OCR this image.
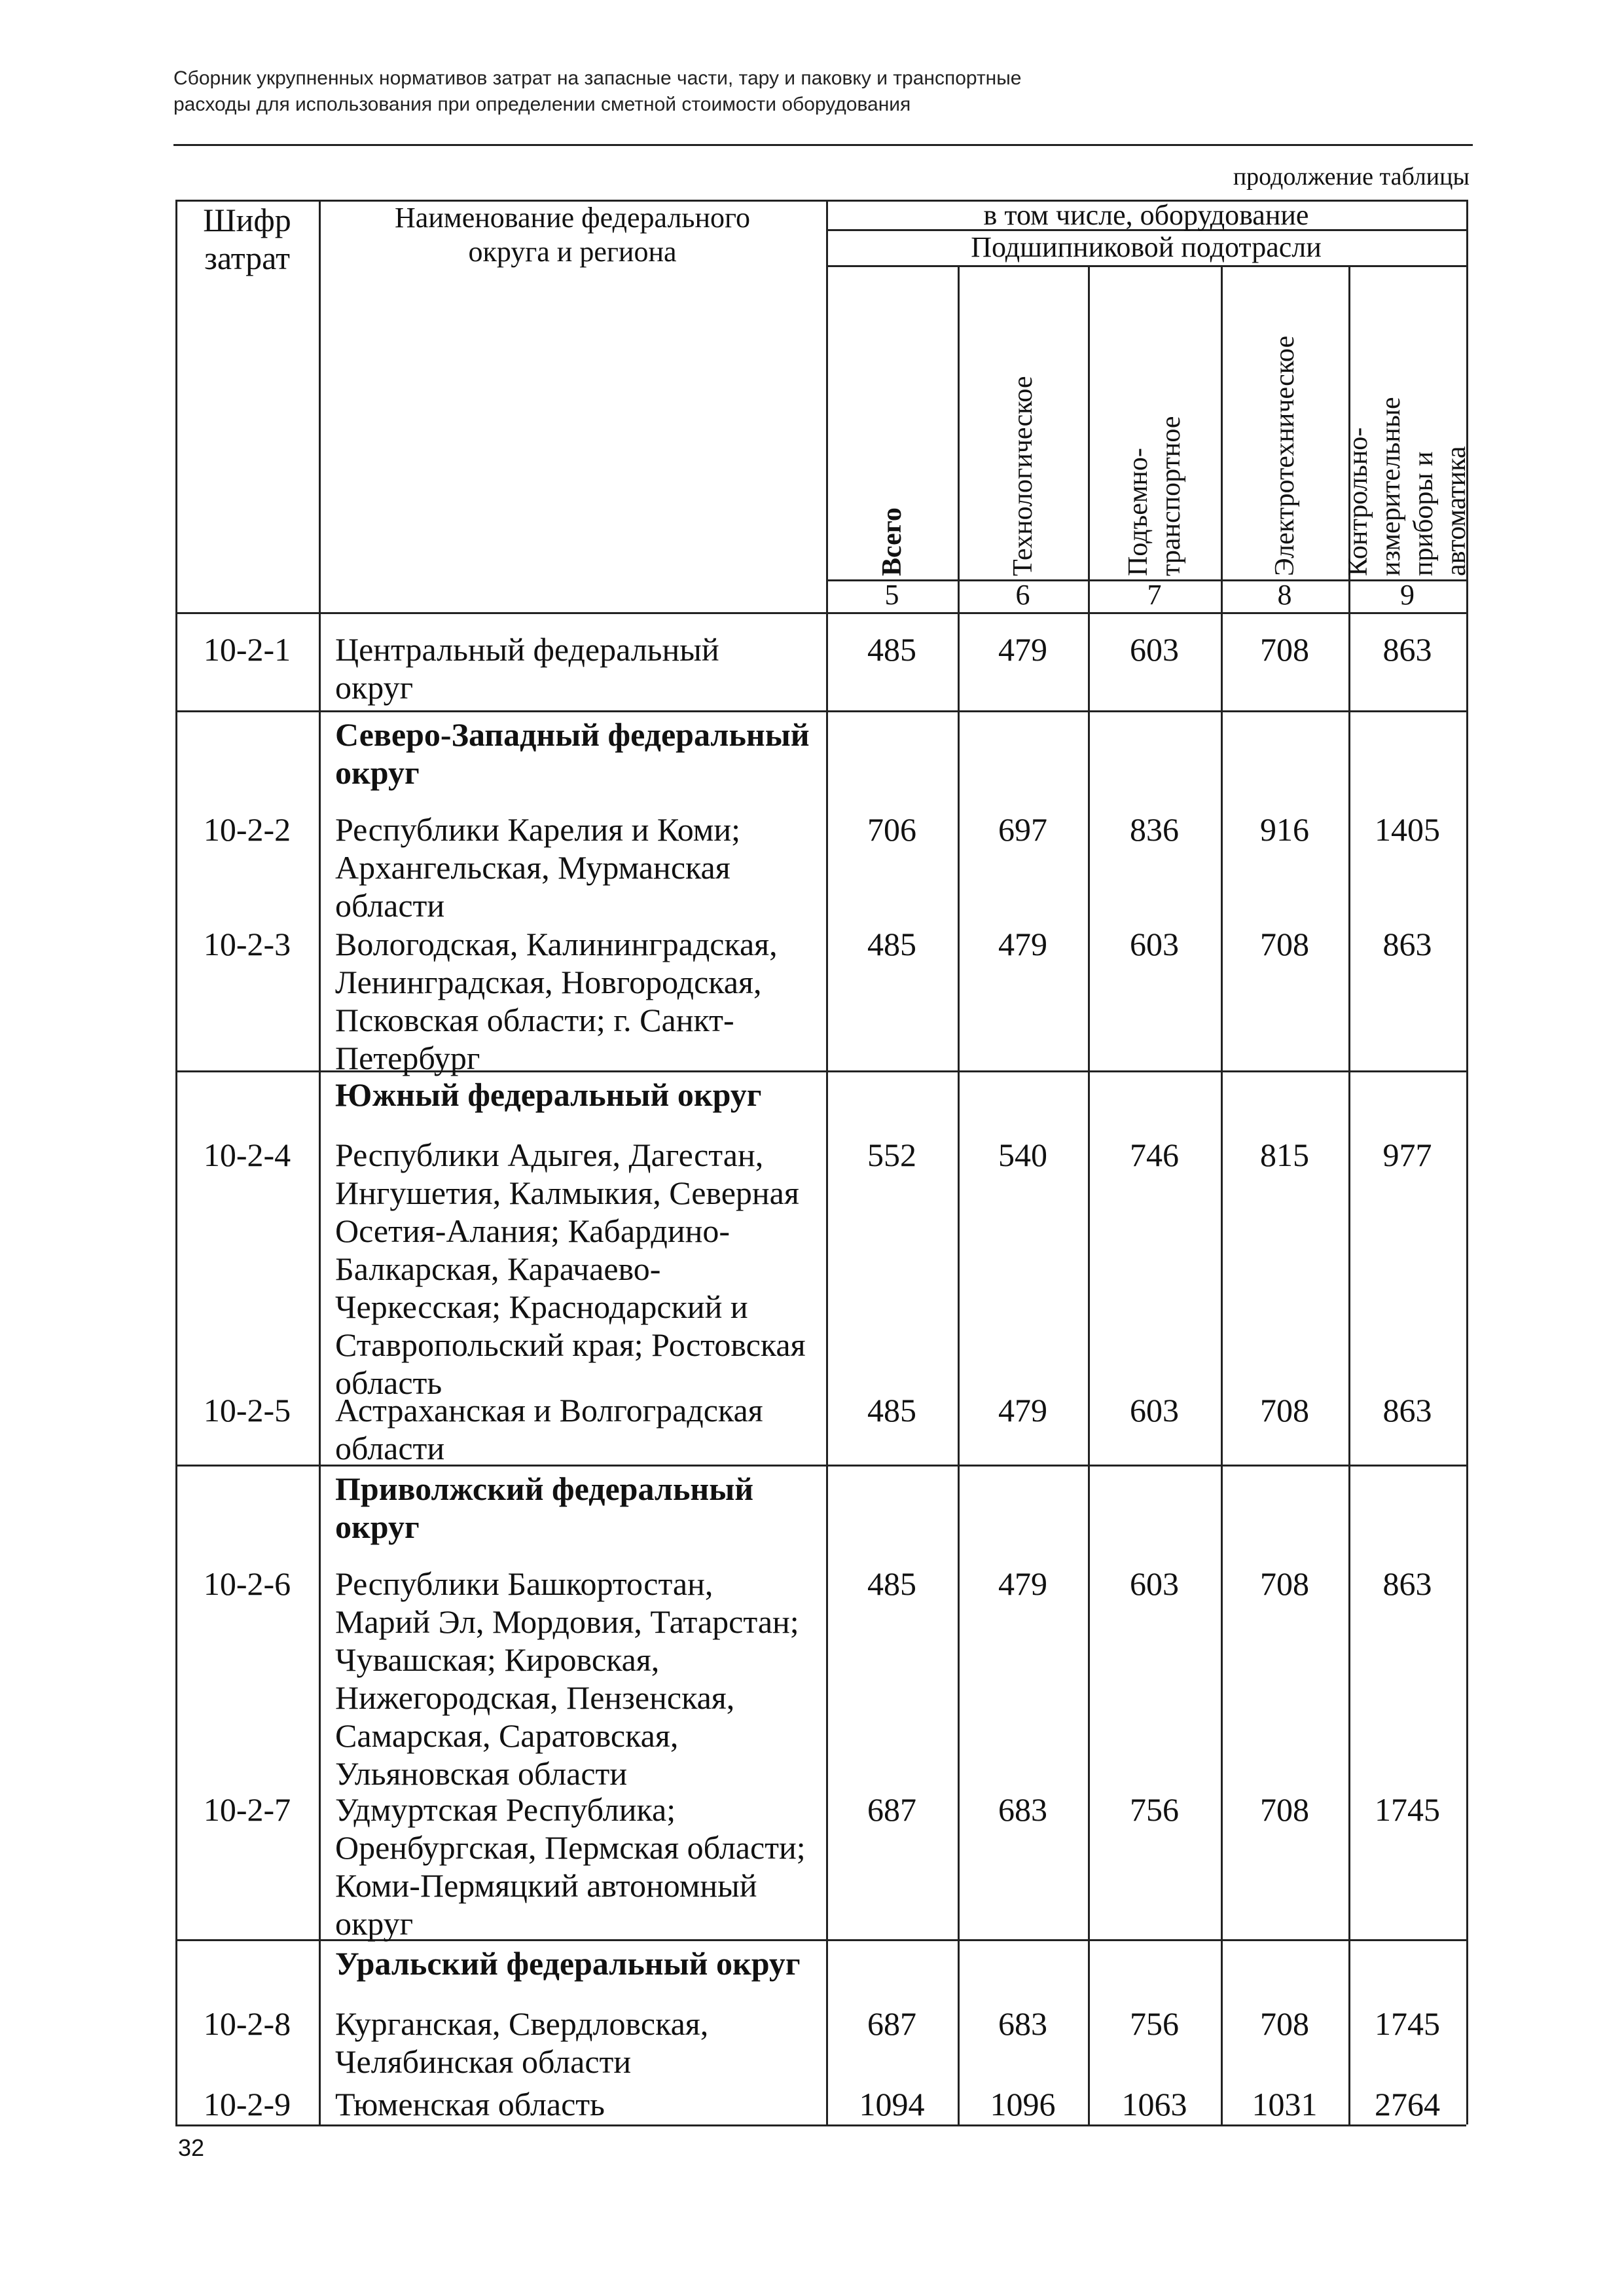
Сборник укрупненных нормативов затрат на запасные части, тару и паковку и транспортные
расходы для использования при определении сметной стоимости оборудования
продолжение таблицы
Шифр
затрат
Наименование федерального
округа и региона
в том числе, оборудование
Подшипниковой подотрасли
Всего
5
Технологическое
6
Подъемно-
транспортное
7
Электротехническое
8
Контрольно-
измерительные
приборы и
автоматика
9
10-2-1	Центральный федеральный
округ
485	479	603	708	863
Северо-Западный федеральный
округ
10-2-2	Республики Карелия и Коми;
Архангельская, Мурманская
области
706	697	836	916	1405
10-2-3	Вологодская, Калининградская,
Ленинградская, Новгородская,
Псковская области; г. Санкт-
Петербург
485	479	603	708	863
Южный федеральный округ
10-2-4	Республики Адыгея, Дагестан,
Ингушетия, Калмыкия, Северная
Осетия-Алания; Кабардино-
Балкарская, Карачаево-
Черкесская; Краснодарский и
Ставропольский края; Ростовская
область
552	540	746	815	977
10-2-5	Астраханская и Волгоградская
области
485	479	603	708	863
Приволжский федеральный
округ
10-2-6	Республики Башкортостан,
Марий Эл, Мордовия, Татарстан;
Чувашская; Кировская,
Нижегородская, Пензенская,
Самарская, Саратовская,
Ульяновская области
485	479	603	708	863
10-2-7	Удмуртская Республика;
Оренбургская, Пермская области;
Коми-Пермяцкий автономный
округ
687	683	756	708	1745
Уральский федеральный округ
10-2-8	Курганская, Свердловская,
Челябинская области
687	683	756	708	1745
10-2-9	Тюменская область	1094	1096	1063	1031	2764
32
